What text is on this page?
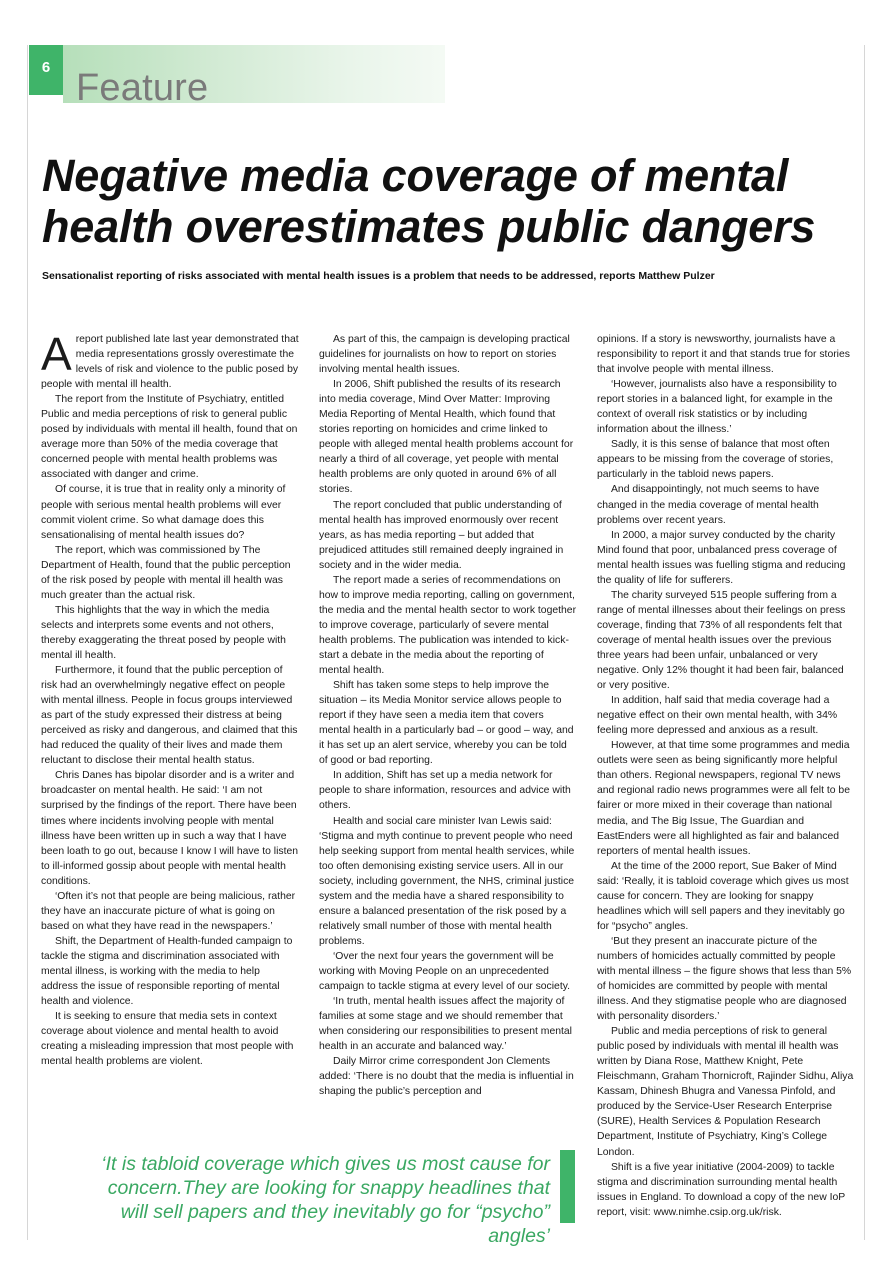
6 Feature
Negative media coverage of mental health overestimates public dangers

Sensationalist reporting of risks associated with mental health issues is a problem that needs to be addressed, reports Matthew Pulzer

Areport published late last year demonstrated that media representations grossly overestimate the levels of risk and violence to the public posed by people with mental ill health.

The report from the Institute of Psychiatry, entitled Public and media perceptions of risk to general public posed by individuals with mental ill health, found that on average more than 50% of the media coverage that concerned people with mental health problems was associated with danger and crime.

Of course, it is true that in reality only a minority of people with serious mental health problems will ever commit violent crime. So what damage does this sensationalising of mental health issues do?

The report, which was commissioned by The Department of Health, found that the public perception of the risk posed by people with mental ill health was much greater than the actual risk.

This highlights that the way in which the media selects and interprets some events and not others, thereby exaggerating the threat posed by people with mental ill health.

Furthermore, it found that the public perception of risk had an overwhelmingly negative effect on people with mental illness. People in focus groups interviewed as part of the study expressed their distress at being perceived as risky and dangerous, and claimed that this had reduced the quality of their lives and made them reluctant to disclose their mental health status.

Chris Danes has bipolar disorder and is a writer and broadcaster on mental health. He said: ‘I am not surprised by the findings of the report. There have been times where incidents involving people with mental illness have been written up in such a way that I have been loath to go out, because I know I will have to listen to ill-informed gossip about people with mental health conditions.

‘Often it’s not that people are being malicious, rather they have an inaccurate picture of what is going on based on what they have read in the newspapers.’

Shift, the Department of Health-funded campaign to tackle the stigma and discrimination associated with mental illness, is working with the media to help address the issue of responsible reporting of mental health and violence.

It is seeking to ensure that media sets in context coverage about violence and mental health to avoid creating a misleading impression that most people with mental health problems are violent.

As part of this, the campaign is developing practical guidelines for journalists on how to report on stories involving mental health issues.

In 2006, Shift published the results of its research into media coverage, Mind Over Matter: Improving Media Reporting of Mental Health, which found that stories reporting on homicides and crime linked to people with alleged mental health problems account for nearly a third of all coverage, yet people with mental health problems are only quoted in around 6% of all stories.

The report concluded that public understanding of mental health has improved enormously over recent years, as has media reporting – but added that prejudiced attitudes still remained deeply ingrained in society and in the wider media.

The report made a series of recommendations on how to improve media reporting, calling on government, the media and the mental health sector to work together to improve coverage, particularly of severe mental health problems. The publication was intended to kick-start a debate in the media about the reporting of mental health.

Shift has taken some steps to help improve the situation – its Media Monitor service allows people to report if they have seen a media item that covers mental health in a particularly bad – or good – way, and it has set up an alert service, whereby you can be told of good or bad reporting.

In addition, Shift has set up a media network for people to share information, resources and advice with others.

Health and social care minister Ivan Lewis said: ‘Stigma and myth continue to prevent people who need help seeking support from mental health services, while too often demonising existing service users. All in our society, including government, the NHS, criminal justice system and the media have a shared responsibility to ensure a balanced presentation of the risk posed by a relatively small number of those with mental health problems.

‘Over the next four years the government will be working with Moving People on an unprecedented campaign to tackle stigma at every level of our society.

‘In truth, mental health issues affect the majority of families at some stage and we should remember that when considering our responsibilities to present mental health in an accurate and balanced way.’

Daily Mirror crime correspondent Jon Clements added: ‘There is no doubt that the media is influential in shaping the public’s perception and

opinions. If a story is newsworthy, journalists have a responsibility to report it and that stands true for stories that involve people with mental illness.

‘However, journalists also have a responsibility to report stories in a balanced light, for example in the context of overall risk statistics or by including information about the illness.’

Sadly, it is this sense of balance that most often appears to be missing from the coverage of stories, particularly in the tabloid news papers.

And disappointingly, not much seems to have changed in the media coverage of mental health problems over recent years.

In 2000, a major survey conducted by the charity Mind found that poor, unbalanced press coverage of mental health issues was fuelling stigma and reducing the quality of life for sufferers.

The charity surveyed 515 people suffering from a range of mental illnesses about their feelings on press coverage, finding that 73% of all respondents felt that coverage of mental health issues over the previous three years had been unfair, unbalanced or very negative. Only 12% thought it had been fair, balanced or very positive.

In addition, half said that media coverage had a negative effect on their own mental health, with 34% feeling more depressed and anxious as a result.

However, at that time some programmes and media outlets were seen as being significantly more helpful than others. Regional newspapers, regional TV news and regional radio news programmes were all felt to be fairer or more mixed in their coverage than national media, and The Big Issue, The Guardian and EastEnders were all highlighted as fair and balanced reporters of mental health issues.

At the time of the 2000 report, Sue Baker of Mind said: ‘Really, it is tabloid coverage which gives us most cause for concern. They are looking for snappy headlines which will sell papers and they inevitably go for “psycho” angles.

‘But they present an inaccurate picture of the numbers of homicides actually committed by people with mental illness – the figure shows that less than 5% of homicides are committed by people with mental illness. And they stigmatise people who are diagnosed with personality disorders.’

Public and media perceptions of risk to general public posed by individuals with mental ill health was written by Diana Rose, Matthew Knight, Pete Fleischmann, Graham Thornicroft, Rajinder Sidhu, Aliya Kassam, Dhinesh Bhugra and Vanessa Pinfold, and produced by the Service-User Research Enterprise (SURE), Health Services & Population Research Department, Institute of Psychiatry, King’s College London.

Shift is a five year initiative (2004-2009) to tackle stigma and discrimination surrounding mental health issues in England. To download a copy of the new IoP report, visit: www.nimhe.csip.org.uk/risk.

‘It is tabloid coverage which gives us most cause for concern.They are looking for snappy headlines that will sell papers and they inevitably go for “psycho” angles’
